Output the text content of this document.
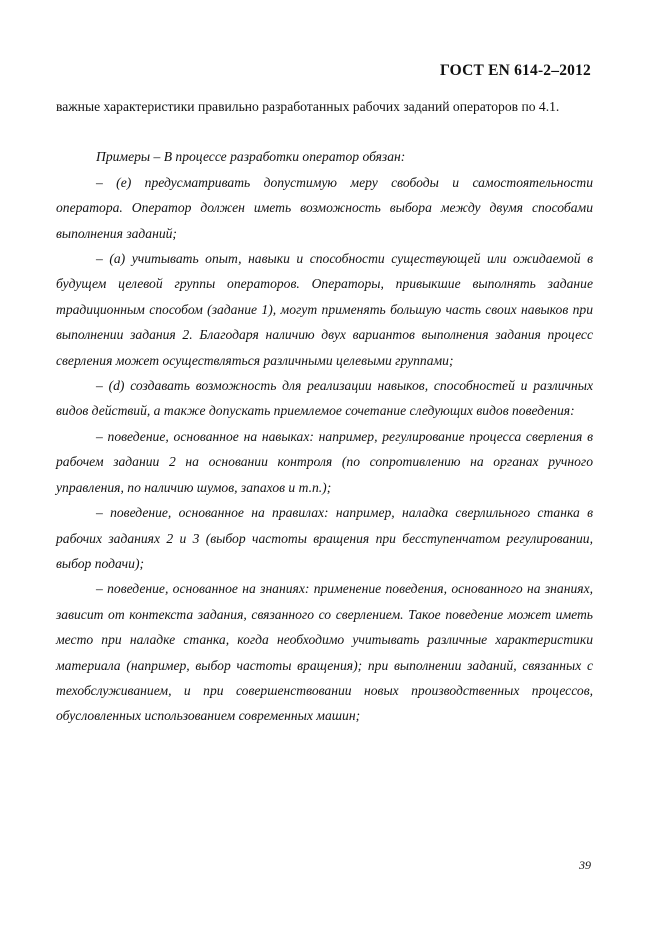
ГОСТ EN 614-2–2012

важные характеристики правильно разработанных рабочих заданий операторов по 4.1.

Примеры – В процессе разработки оператор обязан:

– (e) предусматривать допустимую меру свободы и самостоятельности оператора. Оператор должен иметь возможность выбора между двумя способами выполнения заданий;

– (a) учитывать опыт, навыки и способности существующей или ожидаемой в будущем целевой группы операторов. Операторы, привыкшие выполнять задание традиционным способом (задание 1), могут применять большую часть своих навыков при выполнении задания 2. Благодаря наличию двух вариантов выполнения задания процесс сверления может осуществляться различными целевыми группами;

– (d) создавать возможность для реализации навыков, способностей и различных видов действий, а также допускать приемлемое сочетание следующих видов поведения:

– поведение, основанное на навыках: например, регулирование процесса сверления в рабочем задании 2 на основании контроля (по сопротивлению на органах ручного управления, по наличию шумов, запахов и т.п.);

– поведение, основанное на правилах: например, наладка сверлильного станка в рабочих заданиях 2 и 3 (выбор частоты вращения при бесступенчатом регулировании, выбор подачи);

– поведение, основанное на знаниях: применение поведения, основанного на знаниях, зависит от контекста задания, связанного со сверлением. Такое поведение может иметь место при наладке станка, когда необходимо учитывать различные характеристики материала (например, выбор частоты вращения); при выполнении заданий, связанных с техобслуживанием, и при совершенствовании новых производственных процессов, обусловленных использованием современных машин;

39
